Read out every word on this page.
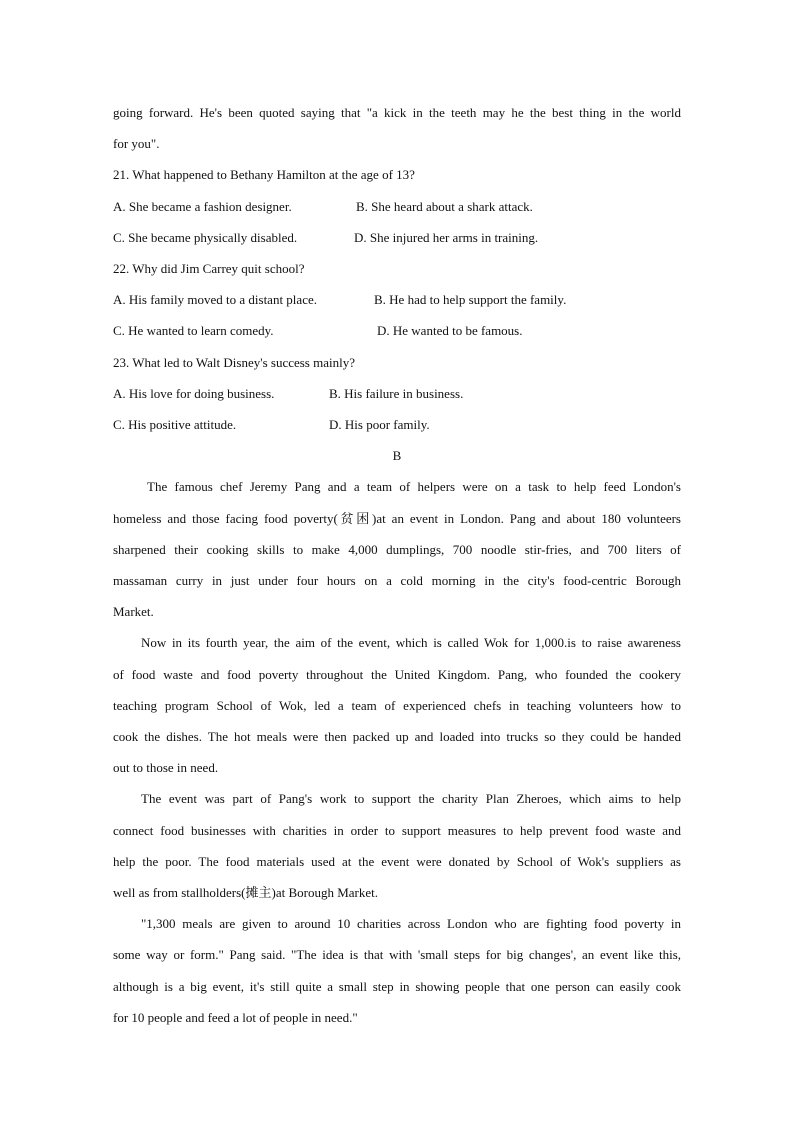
going forward. He's been quoted saying that "a kick in the teeth may he the best thing in the world

for you".

21. What happened to Bethany Hamilton at the age of 13?

A. She became a fashion designer.	B. She heard about a shark attack.
C. She became physically disabled.	D. She injured her arms in training.

22. Why did Jim Carrey quit school?

A. His family moved to a distant place.	B. He had to help support the family.
C. He wanted to learn comedy.	D. He wanted to be famous.

23. What led to Walt Disney's success mainly?

A. His love for doing business.	B. His failure in business.
C. His positive attitude.	D. His poor family.

B

The famous chef Jeremy Pang and a team of helpers were on a task to help feed London's

homeless and those facing food poverty(贫困)at an event in London. Pang and about 180 volunteers

sharpened their cooking skills to make 4,000 dumplings, 700 noodle stir-fries, and 700 liters of

massaman curry in just under four hours on a cold morning in the city's food-centric Borough

Market.

Now in its fourth year, the aim of the event, which is called Wok for 1,000.is to raise awareness

of food waste and food poverty throughout the United Kingdom. Pang, who founded the cookery

teaching program School of Wok, led a team of experienced chefs in teaching volunteers how to

cook the dishes. The hot meals were then packed up and loaded into trucks so they could be handed

out to those in need.

The event was part of Pang's work to support the charity Plan Zheroes, which aims to help

connect food businesses with charities in order to support measures to help prevent food waste and

help the poor. The food materials used at the event were donated by School of Wok's suppliers as

well as from stallholders(摊主)at Borough Market.

"1,300 meals are given to around 10 charities across London who are fighting food poverty in

some way or form." Pang said. "The idea is that with 'small steps for big changes', an event like this,

although is a big event, it's still quite a small step in showing people that one person can easily cook

for 10 people and feed a lot of people in need."
